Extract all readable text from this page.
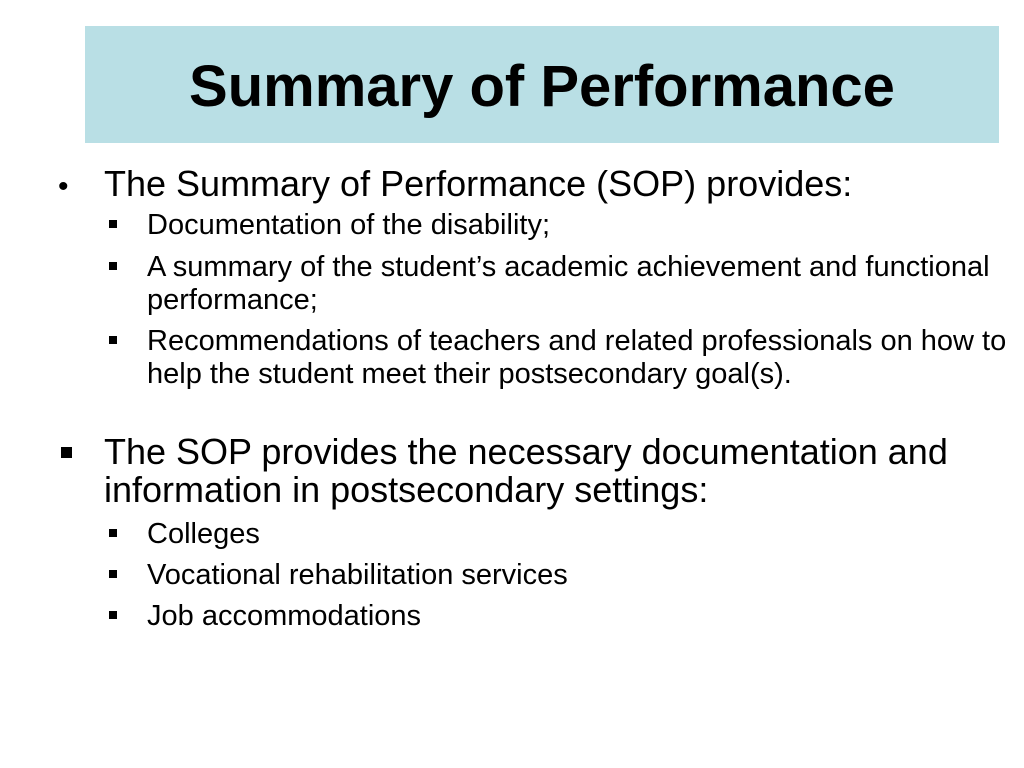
Summary of Performance

• The Summary of Performance (SOP) provides:

Documentation of the disability;
A summary of the student’s academic achievement and functional performance;
Recommendations of teachers and related professionals on how to help the student meet their postsecondary goal(s).

The SOP provides the necessary documentation and information in postsecondary settings:

Colleges
Vocational rehabilitation services
Job accommodations
